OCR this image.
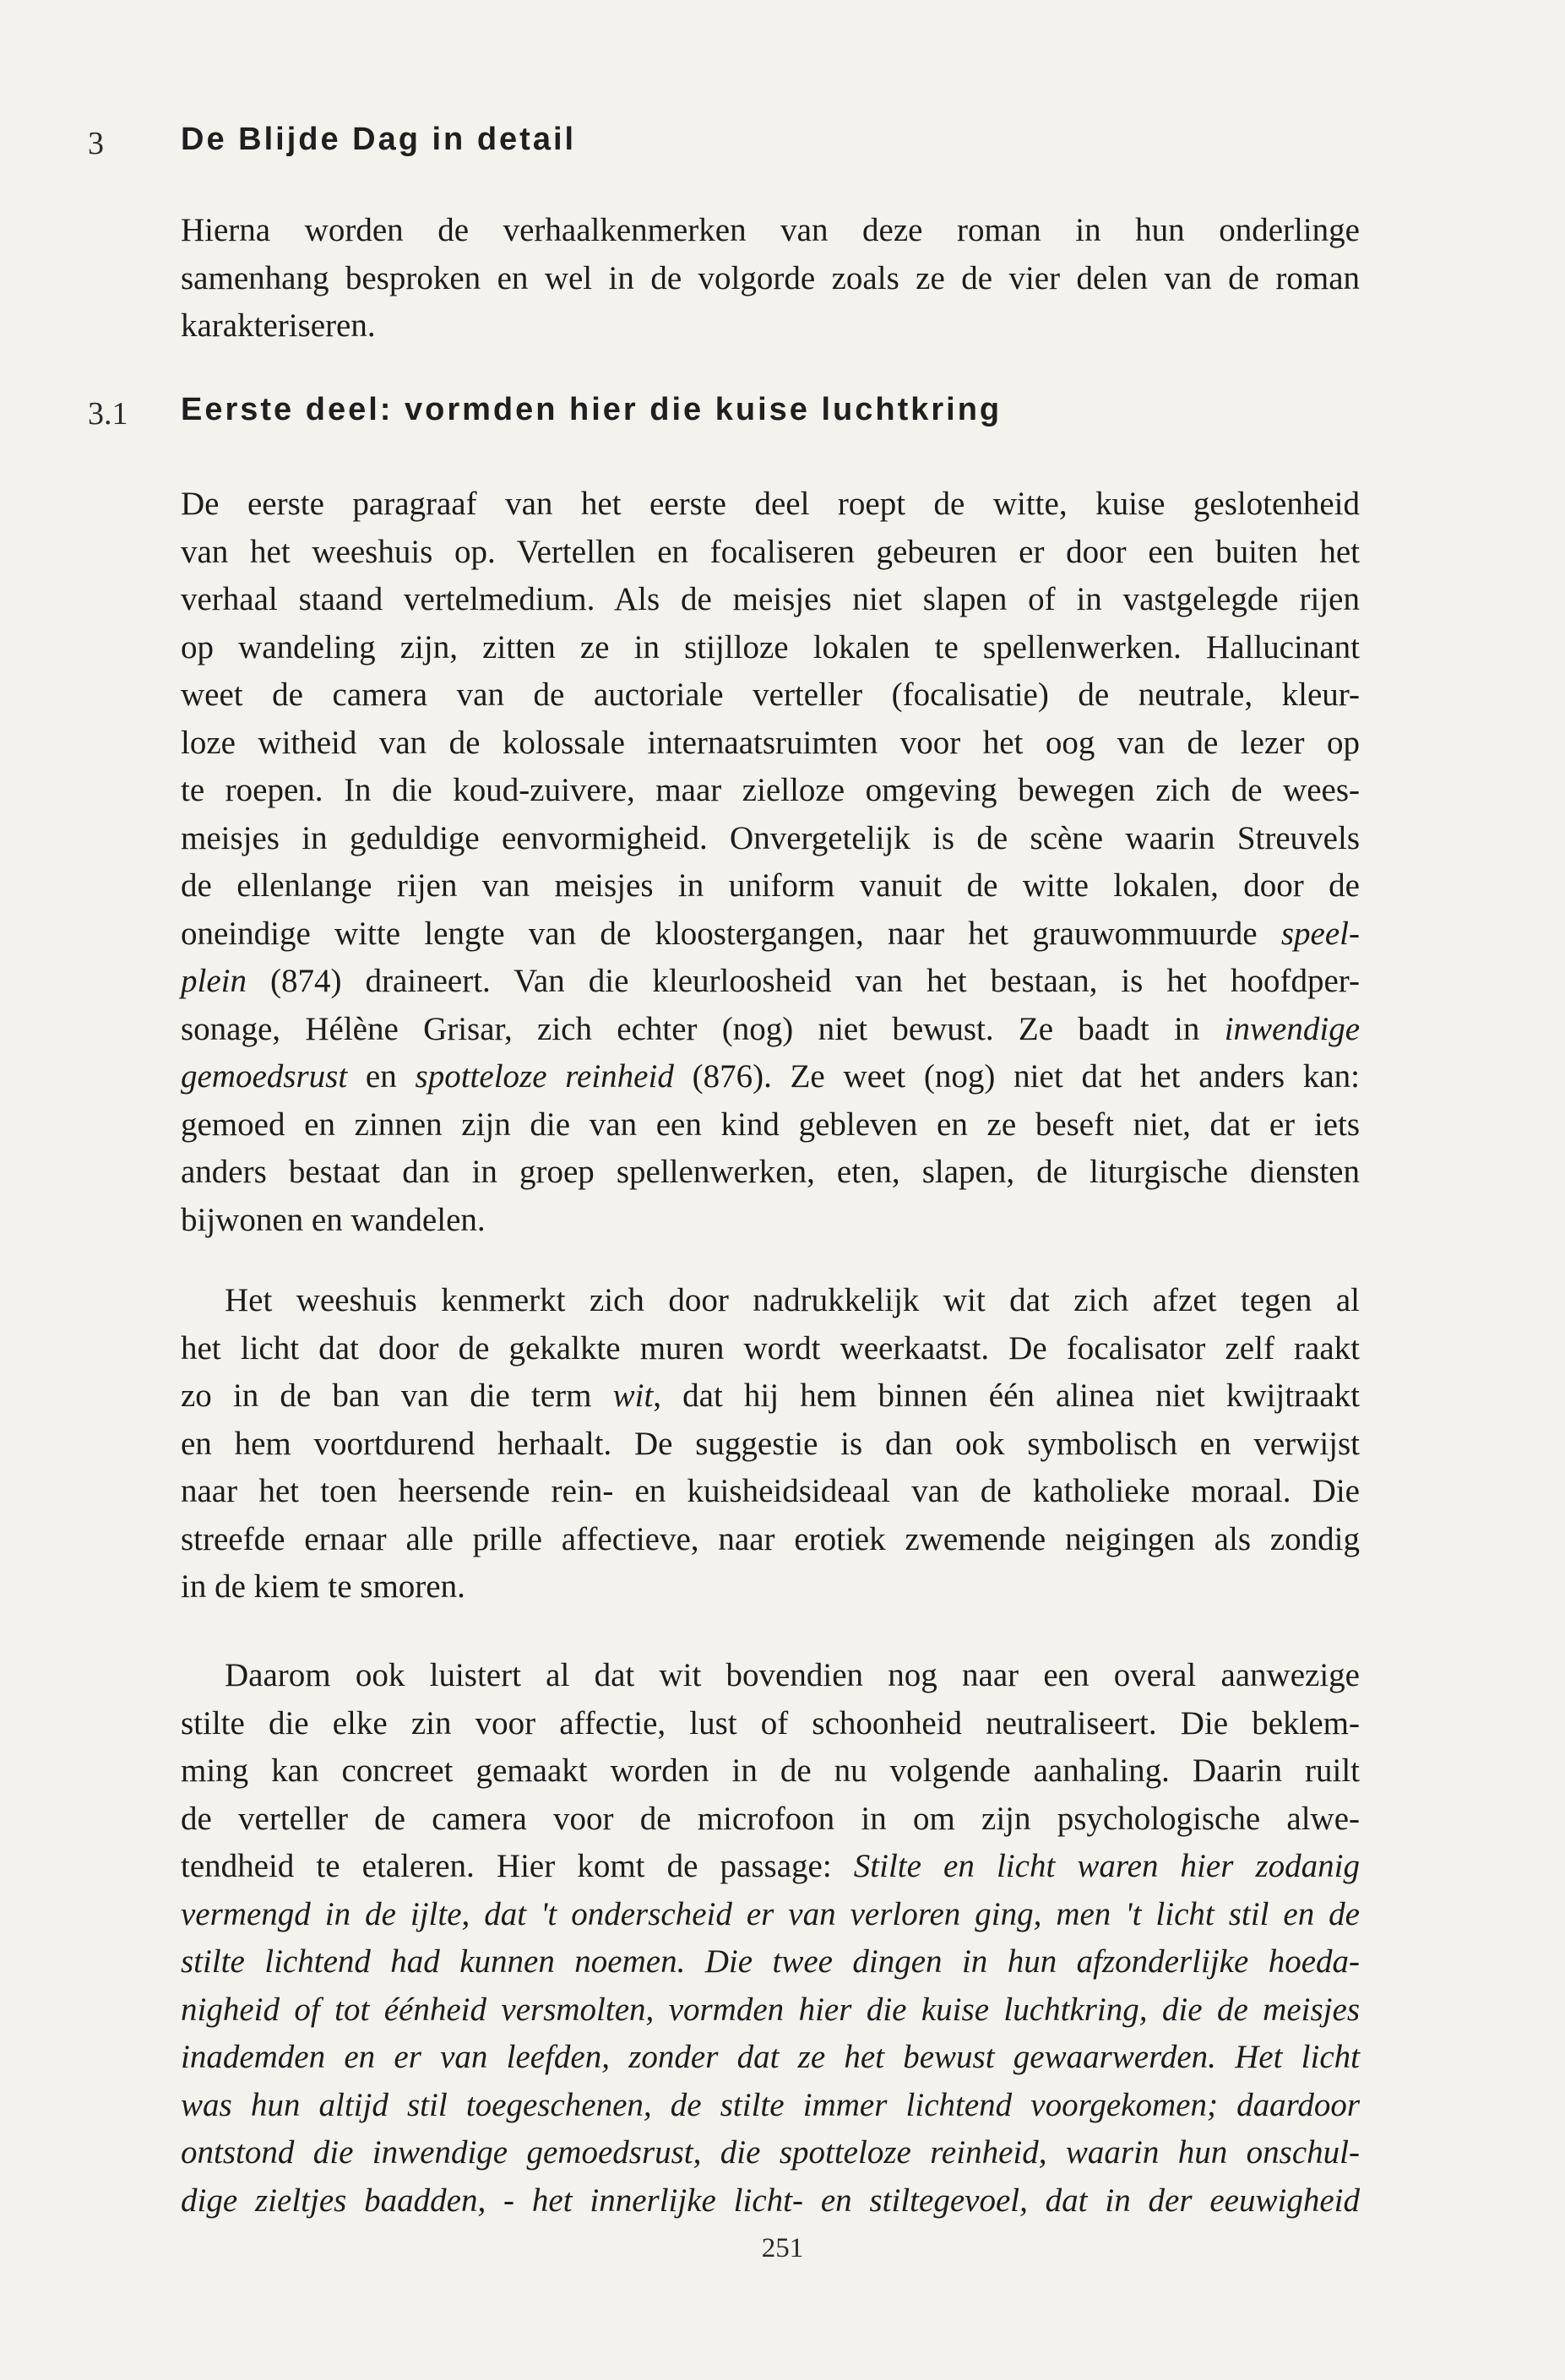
3 De Blijde Dag in detail
Hierna worden de verhaalkenmerken van deze roman in hun onderlinge
samenhang besproken en wel in de volgorde zoals ze de vier delen van de roman
karakteriseren.
3.1 Eerste deel: vormden hier die kuise luchtkring
De eerste paragraaf van het eerste deel roept de witte, kuise geslotenheid
van het weeshuis op. Vertellen en focaliseren gebeuren er door een buiten het
verhaal staand vertelmedium. Als de meisjes niet slapen of in vastgelegde rijen
op wandeling zijn, zitten ze in stijlloze lokalen te spellenwerken. Hallucinant
weet de camera van de auctoriale verteller (focalisatie) de neutrale, kleur-
loze witheid van de kolossale internaatsruimten voor het oog van de lezer op
te roepen. In die koud-zuivere, maar zielloze omgeving bewegen zich de wees-
meisjes in geduldige eenvormigheid. Onvergetelijk is de scène waarin Streuvels
de ellenlange rijen van meisjes in uniform vanuit de witte lokalen, door de
oneindige witte lengte van de kloostergangen, naar het grauwommuurde speel-
plein (874) draineert. Van die kleurloosheid van het bestaan, is het hoofdper-
sonage, Hélène Grisar, zich echter (nog) niet bewust. Ze baadt in inwendige
gemoedsrust en spotteloze reinheid (876). Ze weet (nog) niet dat het anders kan:
gemoed en zinnen zijn die van een kind gebleven en ze beseft niet, dat er iets
anders bestaat dan in groep spellenwerken, eten, slapen, de liturgische diensten
bijwonen en wandelen.
Het weeshuis kenmerkt zich door nadrukkelijk wit dat zich afzet tegen al
het licht dat door de gekalkte muren wordt weerkaatst. De focalisator zelf raakt
zo in de ban van die term wit, dat hij hem binnen één alinea niet kwijtraakt
en hem voortdurend herhaalt. De suggestie is dan ook symbolisch en verwijst
naar het toen heersende rein- en kuisheidsideaal van de katholieke moraal. Die
streefde ernaar alle prille affectieve, naar erotiek zwemende neigingen als zondig
in de kiem te smoren.
Daarom ook luistert al dat wit bovendien nog naar een overal aanwezige
stilte die elke zin voor affectie, lust of schoonheid neutraliseert. Die beklem-
ming kan concreet gemaakt worden in de nu volgende aanhaling. Daarin ruilt
de verteller de camera voor de microfoon in om zijn psychologische alwe-
tendheid te etaleren. Hier komt de passage: Stilte en licht waren hier zodanig
vermengd in de ijlte, dat 't onderscheid er van verloren ging, men 't licht stil en de
stilte lichtend had kunnen noemen. Die twee dingen in hun afzonderlijke hoeda-
nigheid of tot éénheid versmolten, vormden hier die kuise luchtkring, die de meisjes
inademden en er van leefden, zonder dat ze het bewust gewaarwerden. Het licht
was hun altijd stil toegeschenen, de stilte immer lichtend voorgekomen; daardoor
ontstond die inwendige gemoedsrust, die spotteloze reinheid, waarin hun onschul-
dige zieltjes baadden, - het innerlijke licht- en stiltegevoel, dat in der eeuwigheid
251
